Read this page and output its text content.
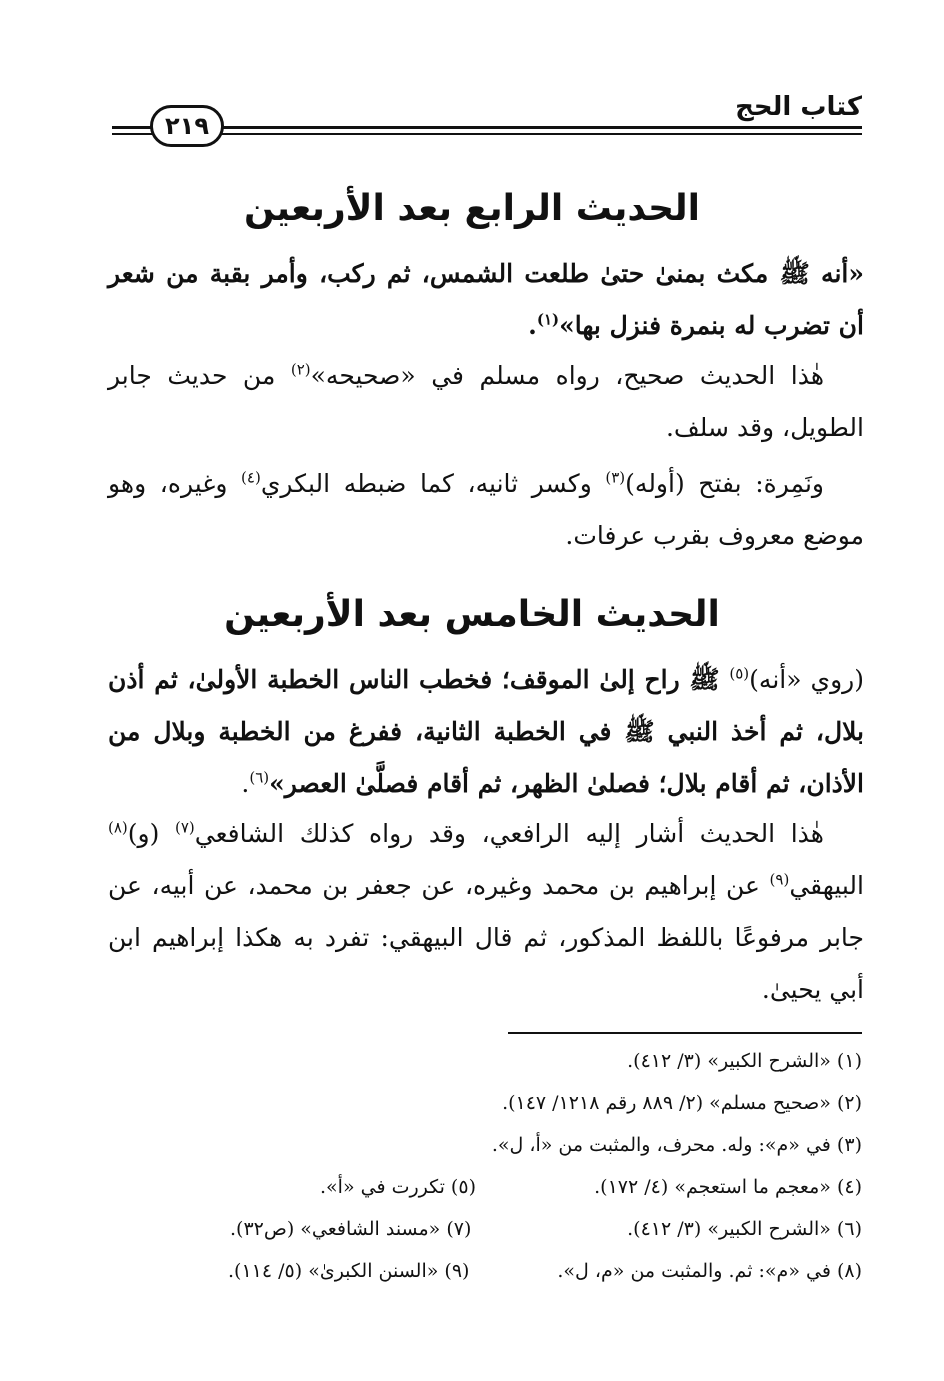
كتاب الحج
٢١٩
الحديث الرابع بعد الأربعين
«أنه ﷺ مكث بمنىٰ حتىٰ طلعت الشمس، ثم ركب، وأمر بقبة من شعر أن تضرب له بنمرة فنزل بها»$^{(١)}$.
هٰذا الحديث صحيح، رواه مسلم في «صحيحه»$^{(٢)}$ من حديث جابر الطويل، وقد سلف.
ونَمِرة: بفتح (أوله)$^{(٣)}$ وكسر ثانيه، كما ضبطه البكري$^{(٤)}$ وغيره، وهو موضع معروف بقرب عرفات.
الحديث الخامس بعد الأربعين
(روي «أنه)$^{(٥)}$ ﷺ راح إلىٰ الموقف؛ فخطب الناس الخطبة الأولىٰ، ثم أذن بلال، ثم أخذ النبي ﷺ في الخطبة الثانية، ففرغ من الخطبة وبلال من الأذان، ثم أقام بلال؛ فصلىٰ الظهر، ثم أقام فصلَّىٰ العصر»$^{(٦)}$.
هٰذا الحديث أشار إليه الرافعي، وقد رواه كذلك الشافعي$^{(٧)}$ (و)$^{(٨)}$ البيهقي$^{(٩)}$ عن إبراهيم بن محمد وغيره، عن جعفر بن محمد، عن أبيه، عن جابر مرفوعًا باللفظ المذكور، ثم قال البيهقي: تفرد به هكذا إبراهيم ابن أبي يحيىٰ.
(١) «الشرح الكبير» (٣/ ٤١٢).
(٢) «صحيح مسلم» (٢/ ٨٨٩ رقم ١٢١٨/ ١٤٧).
(٣) في «م»: وله. محرف، والمثبت من «أ، ل».
(٤) «معجم ما استعجم» (٤/ ١٧٢).
(٥) تكررت في «أ».
(٦) «الشرح الكبير» (٣/ ٤١٢).
(٧) «مسند الشافعي» (ص٣٢).
(٨) في «م»: ثم. والمثبت من «م، ل».
(٩) «السنن الكبرىٰ» (٥/ ١١٤).
